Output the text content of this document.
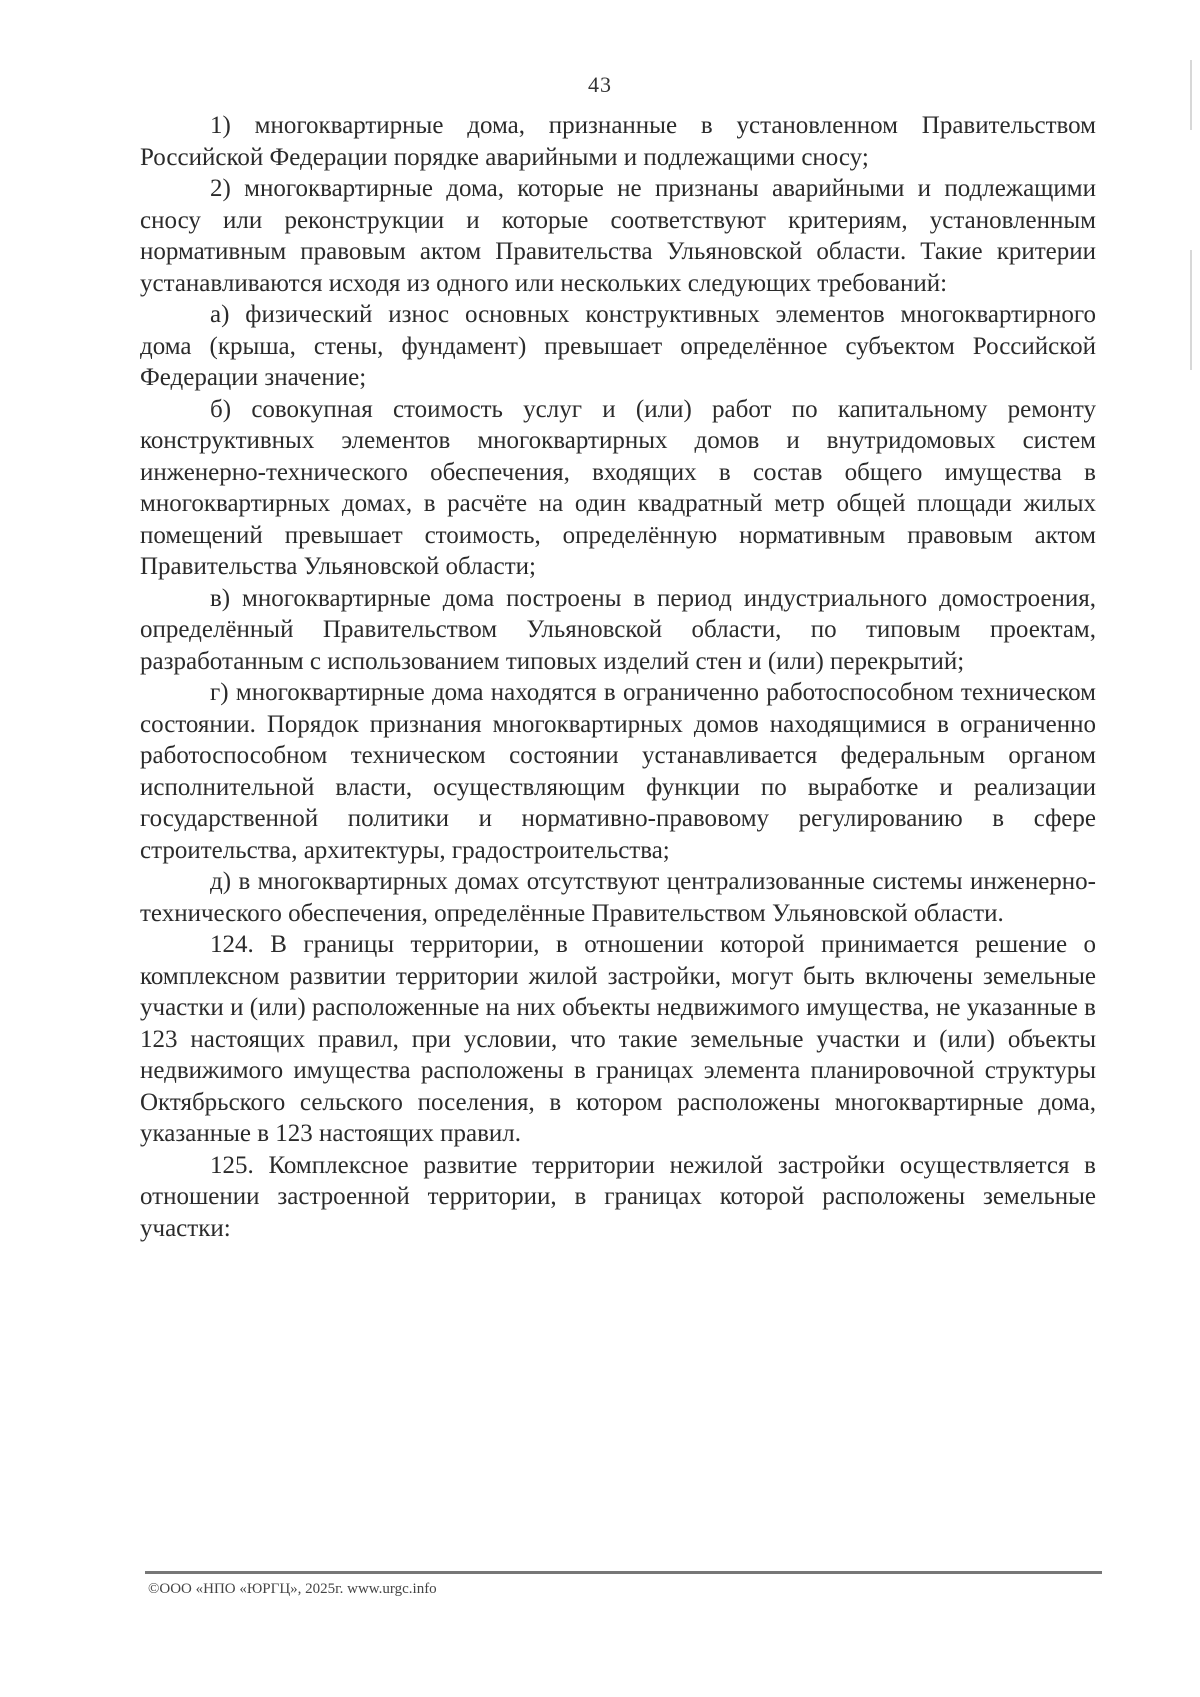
43

1) многоквартирные дома, признанные в установленном Правительством Российской Федерации порядке аварийными и подлежащими сносу;

2) многоквартирные дома, которые не признаны аварийными и подлежащими сносу или реконструкции и которые соответствуют критериям, установленным нормативным правовым актом Правительства Ульяновской области. Такие критерии устанавливаются исходя из одного или нескольких следующих требований:

а) физический износ основных конструктивных элементов многоквартирного дома (крыша, стены, фундамент) превышает определённое субъектом Российской Федерации значение;

б) совокупная стоимость услуг и (или) работ по капитальному ремонту конструктивных элементов многоквартирных домов и внутридомовых систем инженерно-технического обеспечения, входящих в состав общего имущества в многоквартирных домах, в расчёте на один квадратный метр общей площади жилых помещений превышает стоимость, определённую нормативным правовым актом Правительства Ульяновской области;

в) многоквартирные дома построены в период индустриального домостроения, определённый Правительством Ульяновской области, по типовым проектам, разработанным с использованием типовых изделий стен и (или) перекрытий;

г) многоквартирные дома находятся в ограниченно работоспособном техническом состоянии. Порядок признания многоквартирных домов находящимися в ограниченно работоспособном техническом состоянии устанавливается федеральным органом исполнительной власти, осуществляющим функции по выработке и реализации государственной политики и нормативно-правовому регулированию в сфере строительства, архитектуры, градостроительства;

д) в многоквартирных домах отсутствуют централизованные системы инженерно-технического обеспечения, определённые Правительством Ульяновской области.

124. В границы территории, в отношении которой принимается решение о комплексном развитии территории жилой застройки, могут быть включены земельные участки и (или) расположенные на них объекты недвижимого имущества, не указанные в 123 настоящих правил, при условии, что такие земельные участки и (или) объекты недвижимого имущества расположены в границах элемента планировочной структуры Октябрьского сельского поселения, в котором расположены многоквартирные дома, указанные в 123 настоящих правил.

125. Комплексное развитие территории нежилой застройки осуществляется в отношении застроенной территории, в границах которой расположены земельные участки:

©ООО «НПО «ЮРГЦ», 2025г. www.urgc.info
